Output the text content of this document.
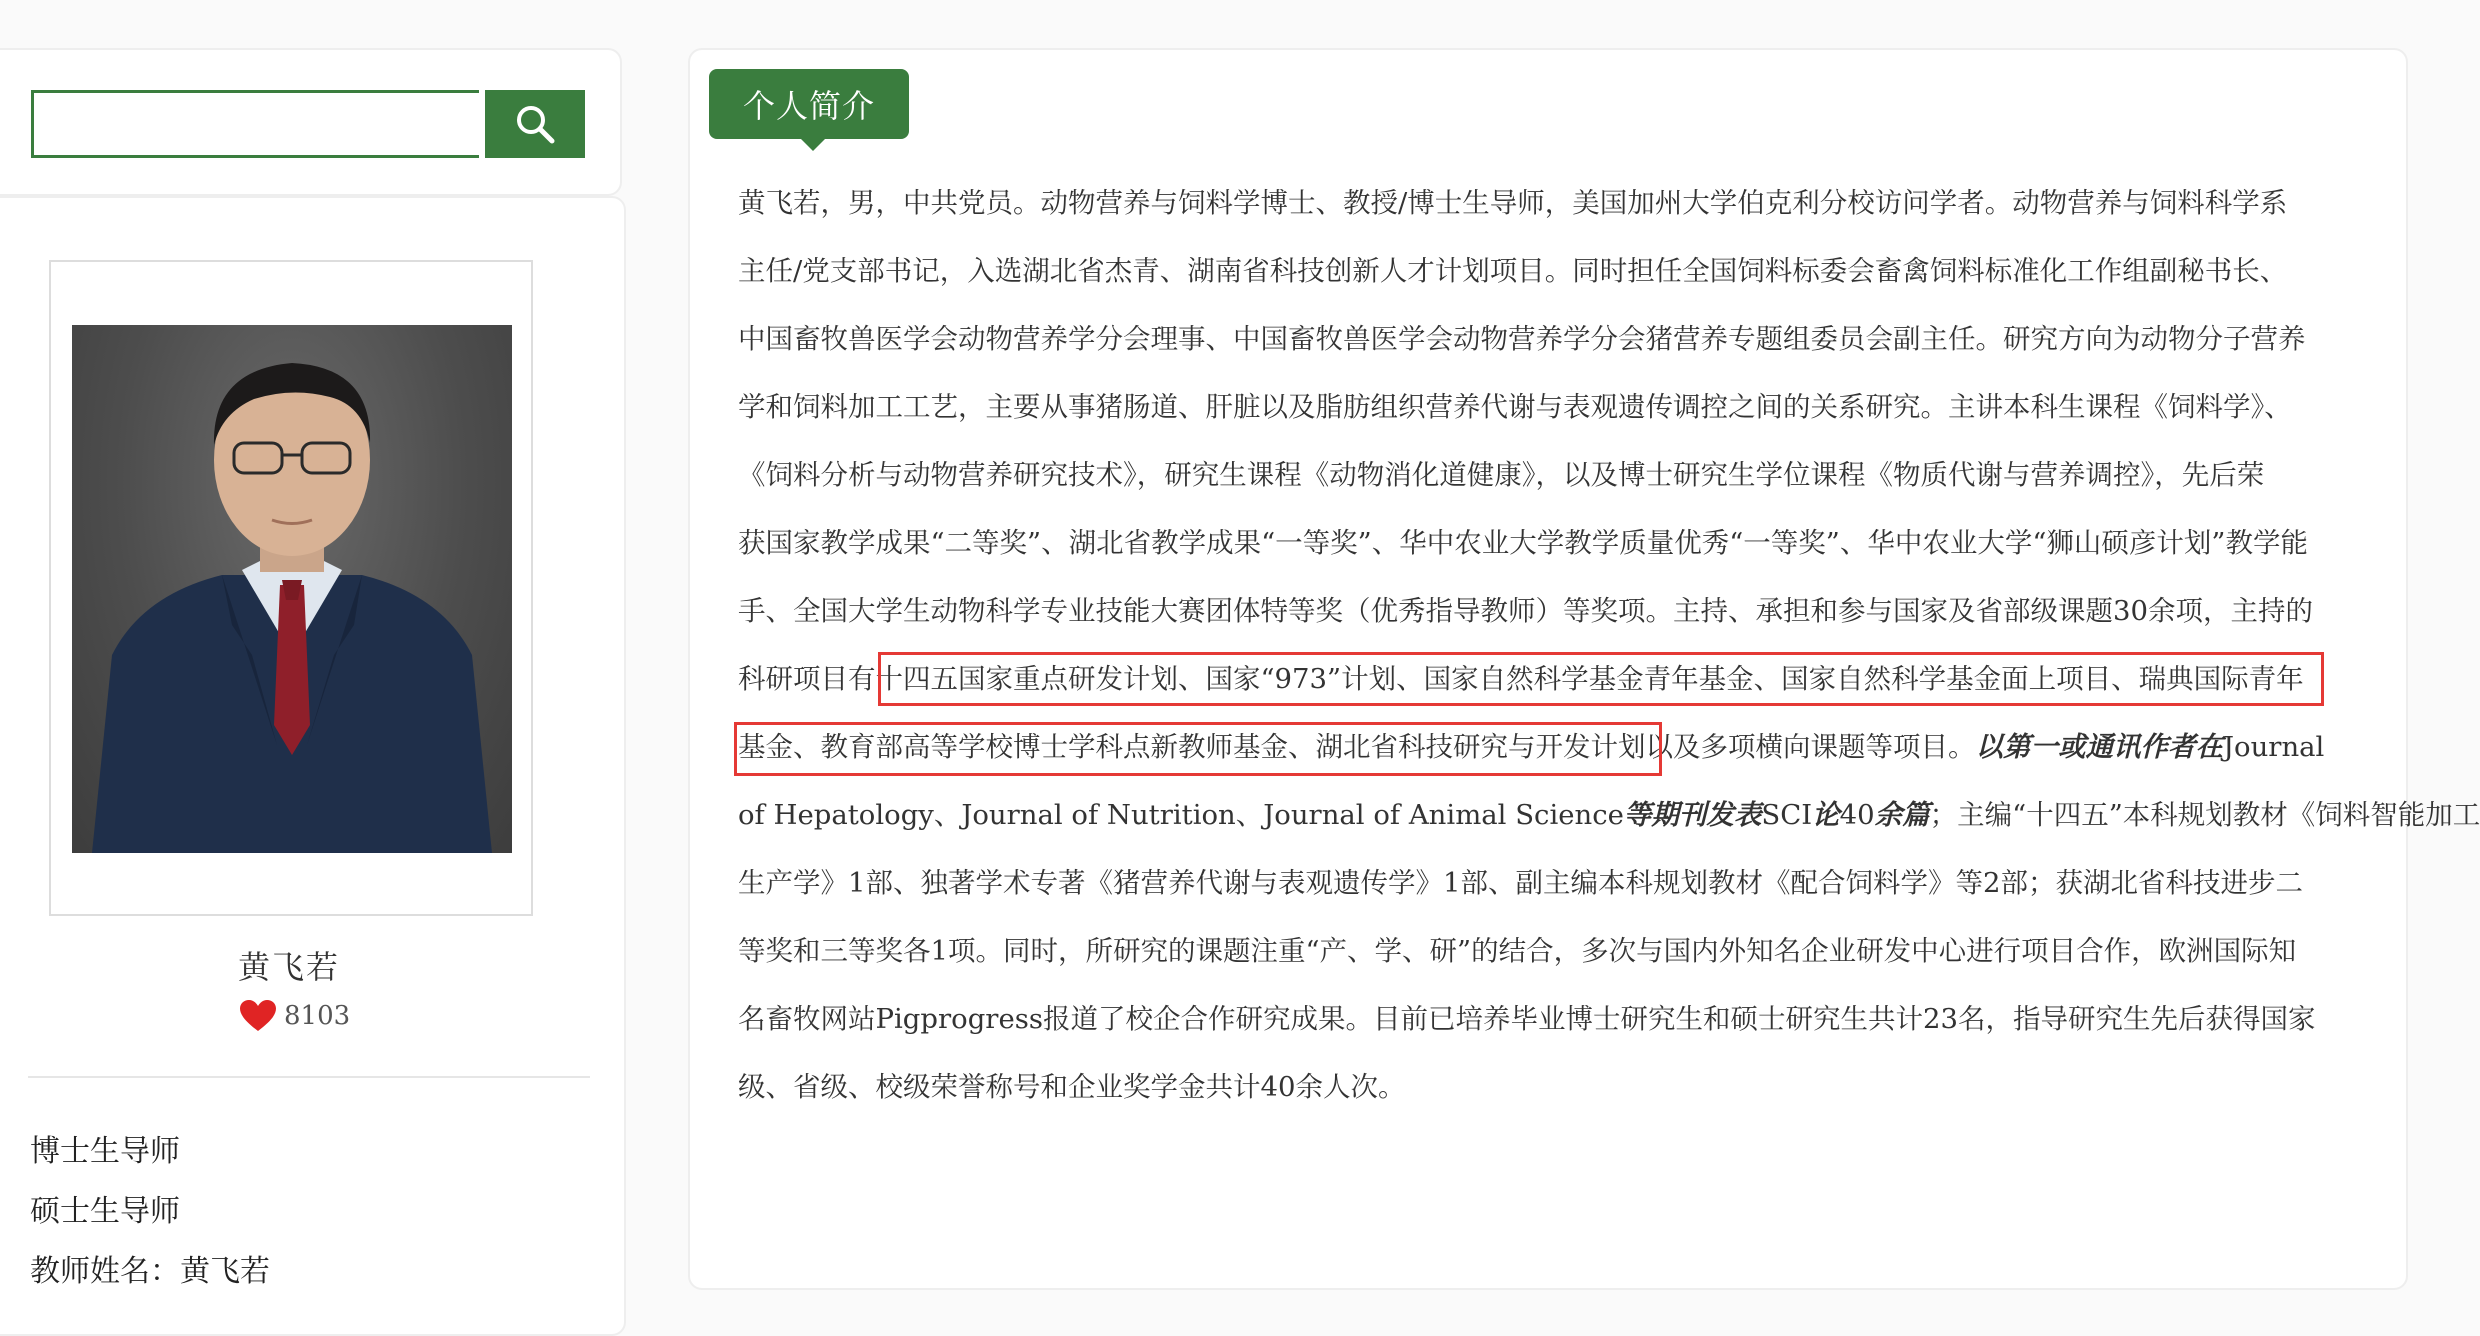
黄飞若
8103
博士生导师
硕士生导师
教师姓名：黄飞若
个人简介
黄飞若，男，中共党员。动物营养与饲料学博士、教授/博士生导师，美国加州大学伯克利分校访问学者。动物营养与饲料科学系
主任/党支部书记，入选湖北省杰青、湖南省科技创新人才计划项目。同时担任全国饲料标委会畜禽饲料标准化工作组副秘书长、
中国畜牧兽医学会动物营养学分会理事、中国畜牧兽医学会动物营养学分会猪营养专题组委员会副主任。研究方向为动物分子营养
学和饲料加工工艺，主要从事猪肠道、肝脏以及脂肪组织营养代谢与表观遗传调控之间的关系研究。主讲本科生课程《饲料学》、
《饲料分析与动物营养研究技术》，研究生课程《动物消化道健康》，以及博士研究生学位课程《物质代谢与营养调控》，先后荣
获国家教学成果“二等奖”、湖北省教学成果“一等奖”、华中农业大学教学质量优秀“一等奖”、华中农业大学“狮山硕彦计划”教学能
手、全国大学生动物科学专业技能大赛团体特等奖（优秀指导教师）等奖项。主持、承担和参与国家及省部级课题30余项，主持的
科研项目有十四五国家重点研发计划、国家“973”计划、国家自然科学基金青年基金、国家自然科学基金面上项目、瑞典国际青年
基金、教育部高等学校博士学科点新教师基金、湖北省科技研究与开发计划以及多项横向课题等项目。以第一或通讯作者在Journal
of Hepatology、Journal of Nutrition、Journal of Animal Science等期刊发表SCI论40余篇；主编“十四五”本科规划教材《饲料智能加工
生产学》1部、独著学术专著《猪营养代谢与表观遗传学》1部、副主编本科规划教材《配合饲料学》等2部；获湖北省科技进步二
等奖和三等奖各1项。同时，所研究的课题注重“产、学、研”的结合，多次与国内外知名企业研发中心进行项目合作，欧洲国际知
名畜牧网站Pigprogress报道了校企合作研究成果。目前已培养毕业博士研究生和硕士研究生共计23名，指导研究生先后获得国家
级、省级、校级荣誉称号和企业奖学金共计40余人次。
